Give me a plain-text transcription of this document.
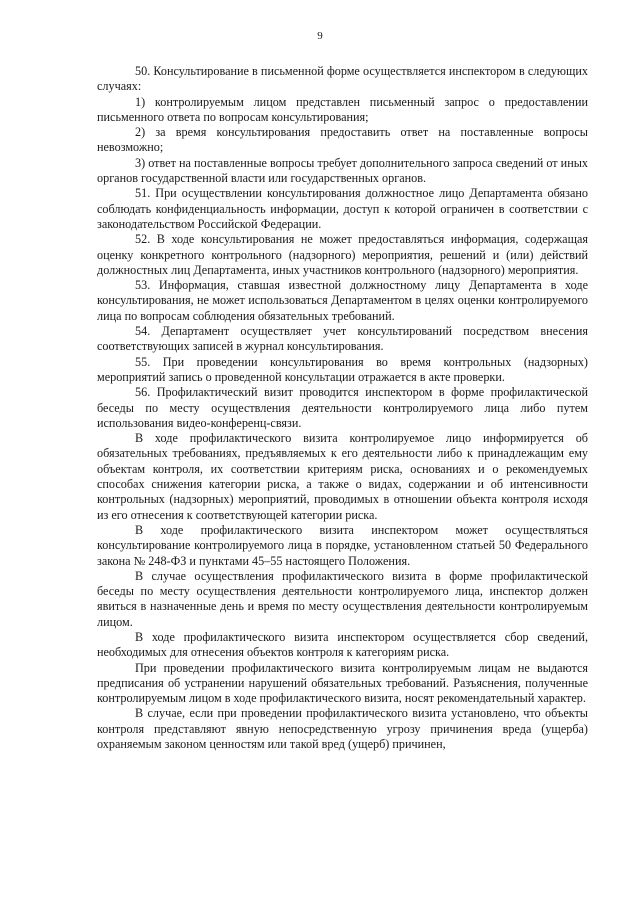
9

50. Консультирование в письменной форме осуществляется инспектором в следующих случаях:

1) контролируемым лицом представлен письменный запрос о предоставлении письменного ответа по вопросам консультирования;

2) за время консультирования предоставить ответ на поставленные вопросы невозможно;

3) ответ на поставленные вопросы требует дополнительного запроса сведений от иных органов государственной власти или государственных органов.

51. При осуществлении консультирования должностное лицо Департамента обязано соблюдать конфиденциальность информации, доступ к которой ограничен в соответствии с законодательством Российской Федерации.

52. В ходе консультирования не может предоставляться информация, содержащая оценку конкретного контрольного (надзорного) мероприятия, решений и (или) действий должностных лиц Департамента, иных участников контрольного (надзорного) мероприятия.

53. Информация, ставшая известной должностному лицу Департамента в ходе консультирования, не может использоваться Департаментом в целях оценки контролируемого лица по вопросам соблюдения обязательных требований.

54. Департамент осуществляет учет консультирований посредством внесения соответствующих записей в журнал консультирования.

55. При проведении консультирования во время контрольных (надзорных) мероприятий запись о проведенной консультации отражается в акте проверки.

56. Профилактический визит проводится инспектором в форме профилактической беседы по месту осуществления деятельности контролируемого лица либо путем использования видео-конференц-связи.

В ходе профилактического визита контролируемое лицо информируется об обязательных требованиях, предъявляемых к его деятельности либо к принадлежащим ему объектам контроля, их соответствии критериям риска, основаниях и о рекомендуемых способах снижения категории риска, а также о видах, содержании и об интенсивности контрольных (надзорных) мероприятий, проводимых в отношении объекта контроля исходя из его отнесения к соответствующей категории риска.

В ходе профилактического визита инспектором может осуществляться консультирование контролируемого лица в порядке, установленном статьей 50 Федерального закона № 248-ФЗ и пунктами 45–55 настоящего Положения.

В случае осуществления профилактического визита в форме профилактической беседы по месту осуществления деятельности контролируемого лица, инспектор должен явиться в назначенные день и время по месту осуществления деятельности контролируемым лицом.

В ходе профилактического визита инспектором осуществляется сбор сведений, необходимых для отнесения объектов контроля к категориям риска.

При проведении профилактического визита контролируемым лицам не выдаются предписания об устранении нарушений обязательных требований. Разъяснения, полученные контролируемым лицом в ходе профилактического визита, носят рекомендательный характер.

В случае, если при проведении профилактического визита установлено, что объекты контроля представляют явную непосредственную угрозу причинения вреда (ущерба) охраняемым законом ценностям или такой вред (ущерб) причинен,
